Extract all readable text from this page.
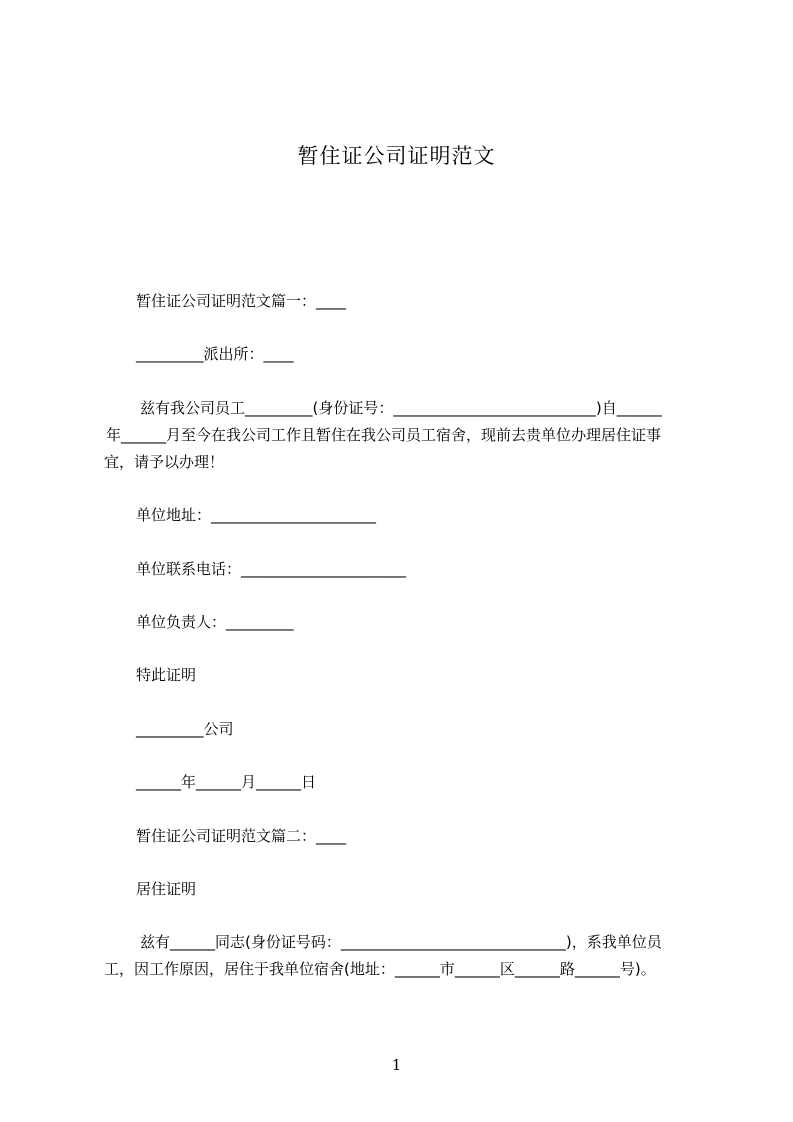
暂住证公司证明范文
暂住证公司证明范文篇一：____
_________派出所：____
兹有我公司员工_________(身份证号：___________________________)自______
年______月至今在我公司工作且暂住在我公司员工宿舍，现前去贵单位办理居住证事
宜，请予以办理！
单位地址：______________________
单位联系电话：______________________
单位负责人：_________
特此证明
_________公司
______年______月______日
暂住证公司证明范文篇二：____
居住证明
兹有______同志(身份证号码：______________________________)，系我单位员
工，因工作原因，居住于我单位宿舍(地址：______市______区______路______号)。
1
